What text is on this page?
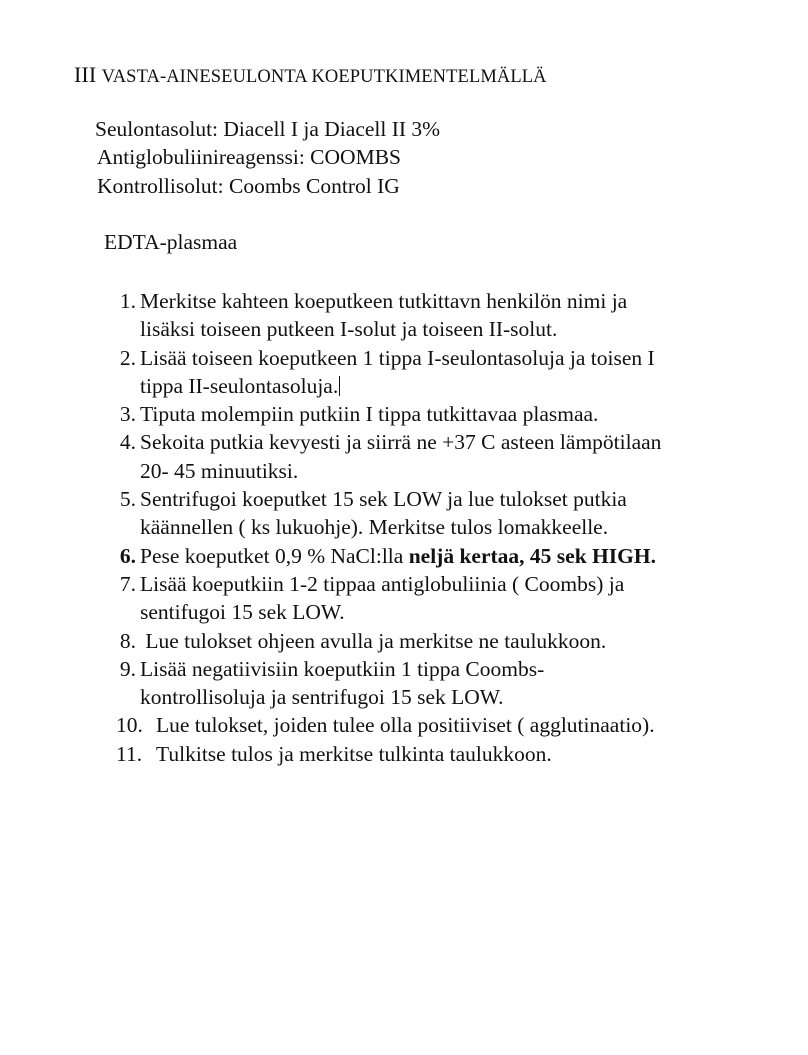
III VASTA-AINESEULONTA KOEPUTKIMENTELMÄLLÄ
Seulontasolut: Diacell I ja Diacell II 3%
Antiglobuliinireagenssi: COOMBS
Kontrollisolut: Coombs Control IG
EDTA-plasmaa
1. Merkitse kahteen koeputkeen tutkittavn henkilön nimi ja
lisäksi toiseen putkeen I-solut ja toiseen II-solut.
2. Lisää toiseen koeputkeen 1 tippa I-seulontasoluja ja toisen I
tippa II-seulontasoluja.
3. Tiputa molempiin putkiin I tippa tutkittavaa plasmaa.
4. Sekoita putkia kevyesti ja siirrä ne +37 C asteen lämpötilaan
20- 45 minuutiksi.
5. Sentrifugoi koeputket 15 sek LOW ja lue tulokset putkia
käännellen ( ks lukuohje). Merkitse tulos lomakkeelle.
6. Pese koeputket 0,9 % NaCl:lla neljä kertaa, 45 sek HIGH.
7. Lisää koeputkiin 1-2 tippaa antiglobuliinia ( Coombs) ja
sentifugoi 15 sek LOW.
8. Lue tulokset ohjeen avulla ja merkitse ne taulukkoon.
9. Lisää negatiivisiin koeputkiin 1 tippa Coombs-
kontrollisoluja ja sentrifugoi 15 sek LOW.
10. Lue tulokset, joiden tulee olla positiiviset ( agglutinaatio).
11. Tulkitse tulos ja merkitse tulkinta taulukkoon.
